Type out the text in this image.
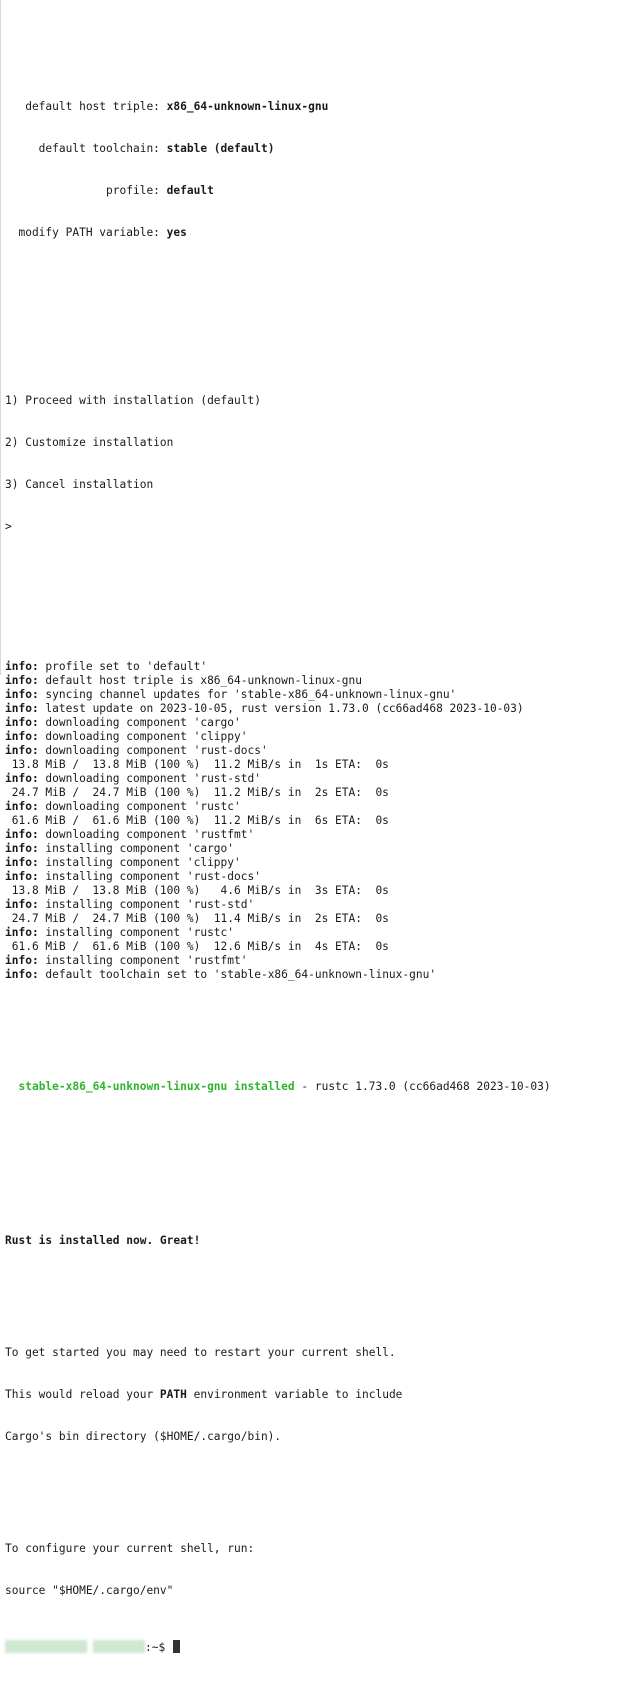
default host triple: x86_64-unknown-linux-gnu

default toolchain: stable (default)

profile: default

modify PATH variable: yes

1) Proceed with installation (default)

2) Customize installation

3) Cancel installation

>

info: profile set to 'default'
info: default host triple is x86_64-unknown-linux-gnu
info: syncing channel updates for 'stable-x86_64-unknown-linux-gnu'
info: latest update on 2023-10-05, rust version 1.73.0 (cc66ad468 2023-10-03)
info: downloading component 'cargo'
info: downloading component 'clippy'
info: downloading component 'rust-docs'
13.8 MiB /  13.8 MiB (100 %)  11.2 MiB/s in  1s ETA:  0s
info: downloading component 'rust-std'
24.7 MiB /  24.7 MiB (100 %)  11.2 MiB/s in  2s ETA:  0s
info: downloading component 'rustc'
61.6 MiB /  61.6 MiB (100 %)  11.2 MiB/s in  6s ETA:  0s
info: downloading component 'rustfmt'
info: installing component 'cargo'
info: installing component 'clippy'
info: installing component 'rust-docs'
13.8 MiB /  13.8 MiB (100 %)   4.6 MiB/s in  3s ETA:  0s
info: installing component 'rust-std'
24.7 MiB /  24.7 MiB (100 %)  11.4 MiB/s in  2s ETA:  0s
info: installing component 'rustc'
61.6 MiB /  61.6 MiB (100 %)  12.6 MiB/s in  4s ETA:  0s
info: installing component 'rustfmt'
info: default toolchain set to 'stable-x86_64-unknown-linux-gnu'

stable-x86_64-unknown-linux-gnu installed - rustc 1.73.0 (cc66ad468 2023-10-03)

Rust is installed now. Great!

To get started you may need to restart your current shell.

This would reload your PATH environment variable to include

Cargo's bin directory ($HOME/.cargo/bin).

To configure your current shell, run:

source "$HOME/.cargo/env"

:~$
